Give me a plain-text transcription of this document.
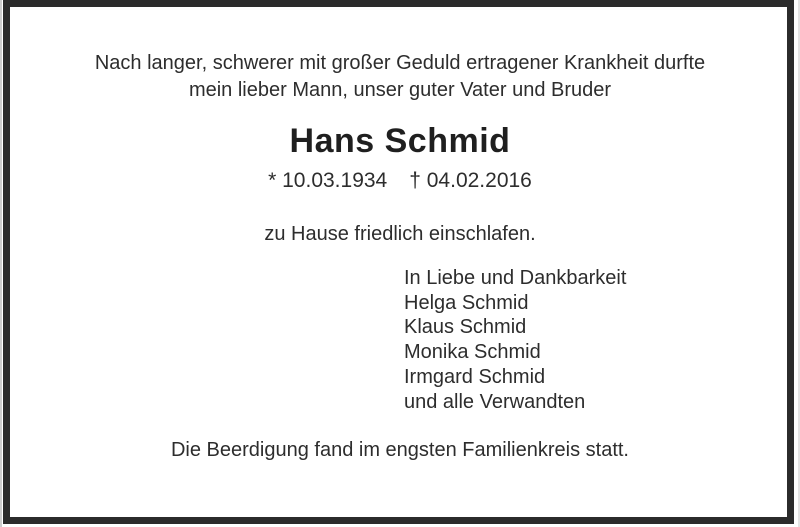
Nach langer, schwerer mit großer Geduld ertragener Krankheit durfte
mein lieber Mann, unser guter Vater und Bruder
Hans Schmid
* 10.03.1934 † 04.02.2016
zu Hause friedlich einschlafen.
In Liebe und Dankbarkeit
Helga Schmid
Klaus Schmid
Monika Schmid
Irmgard Schmid
und alle Verwandten
Die Beerdigung fand im engsten Familienkreis statt.
